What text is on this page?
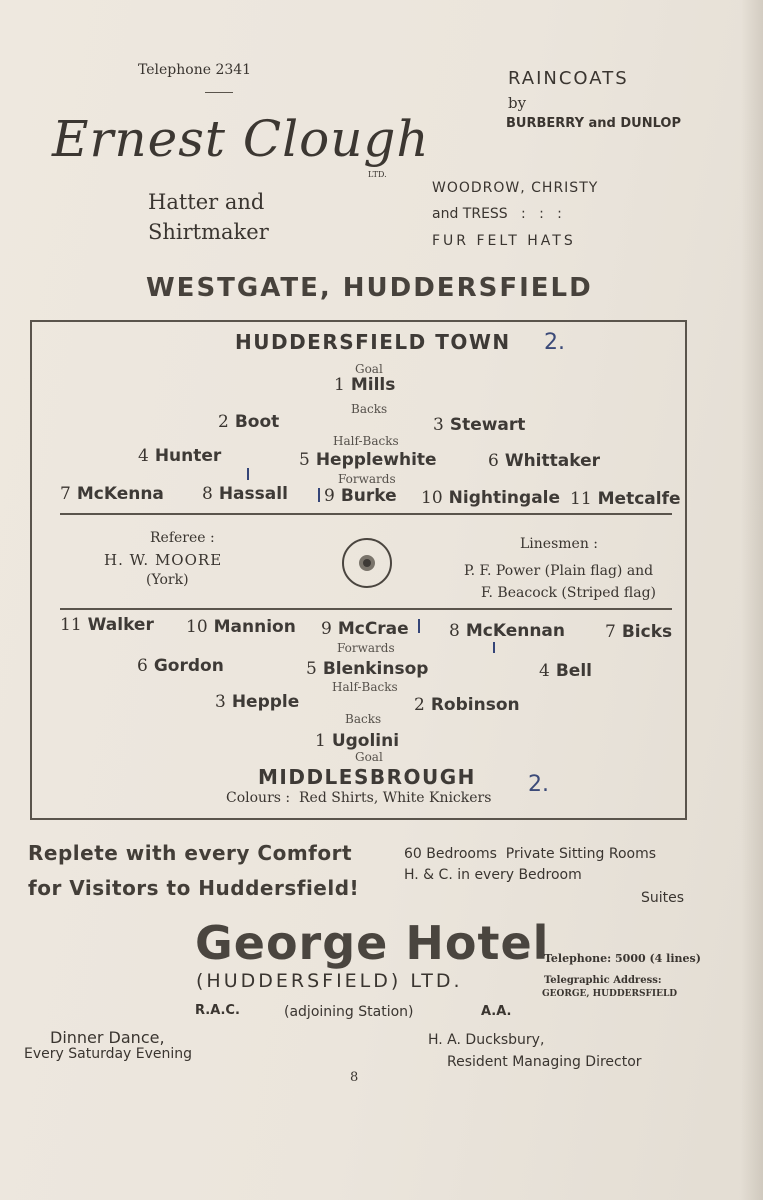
Telephone 2341
Ernest Clough
LTD.
Hatter and
Shirtmaker
RAINCOATS
by
BURBERRY and DUNLOP
WOODROW, CHRISTY
and TRESS   :   :   :
FUR FELT HATS
WESTGATE, HUDDERSFIELD
HUDDERSFIELD TOWN 2.
Goal
1 Mills
Backs
2 Boot	3 Stewart
Half-Backs
4 Hunter	5 Hepplewhite	6 Whittaker
Forwards
7 McKenna 8 Hassall 9 Burke 10 Nightingale 11 Metcalfe
Referee :
H. W. MOORE
(York)
Linesmen :
P. F. Power (Plain flag) and
F. Beacock (Striped flag)
11 Walker 10 Mannion 9 McCrae 8 McKennan 7 Bicks
Forwards
6 Gordon	5 Blenkinsop	4 Bell
Half-Backs
3 Hepple	2 Robinson
Backs
1 Ugolini
Goal
MIDDLESBROUGH 2.
Colours :  Red Shirts, White Knickers
Replete with every Comfort
for Visitors to Huddersfield!
60 Bedrooms  Private Sitting Rooms
H. & C. in every Bedroom
Suites
George Hotel
(HUDDERSFIELD) LTD.
Telephone: 5000 (4 lines)
Telegraphic Address:
GEORGE, HUDDERSFIELD
R.A.C.	(adjoining Station)	A.A.
Dinner Dance,
Every Saturday Evening
H. A. Ducksbury,
Resident Managing Director
8
